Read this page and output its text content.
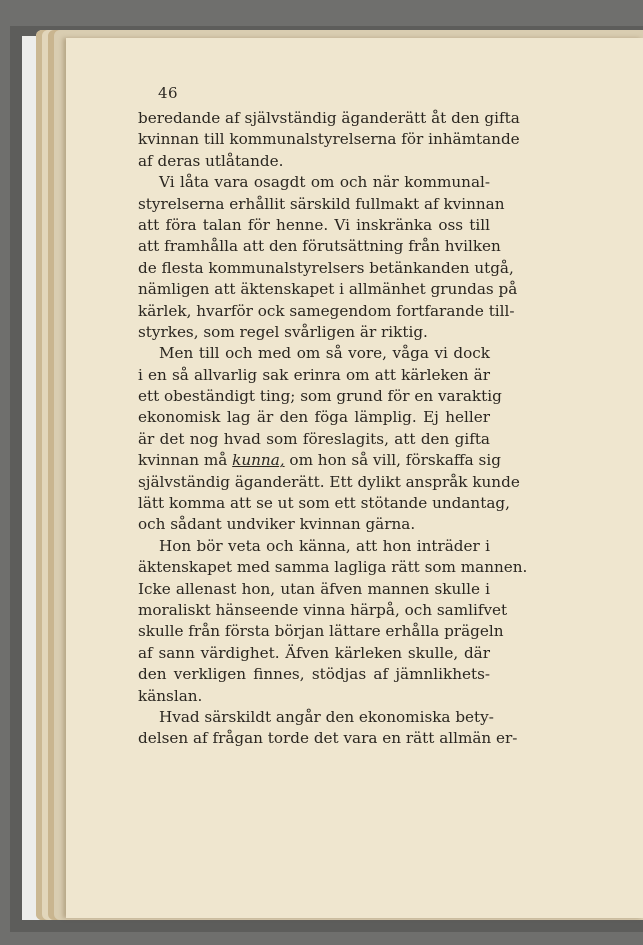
46
beredande af självständig äganderätt åt den gifta
kvinnan till kommunalstyrelserna för inhämtande
af deras utlåtande.
Vi låta vara osagdt om och när kommunal-
styrelserna erhållit särskild fullmakt af kvinnan
att föra talan för henne. Vi inskränka oss till
att framhålla att den förutsättning från hvilken
de flesta kommunalstyrelsers betänkanden utgå,
nämligen att äktenskapet i allmänhet grundas på
kärlek, hvarför ock samegendom fortfarande till-
styrkes, som regel svårligen är riktig.
Men till och med om så vore, våga vi dock
i en så allvarlig sak erinra om att kärleken är
ett obeständigt ting; som grund för en varaktig
ekonomisk lag är den föga lämplig. Ej heller
är det nog hvad som föreslagits, att den gifta
kvinnan må kunna, om hon så vill, förskaffa sig
självständig äganderätt. Ett dylikt anspråk kunde
lätt komma att se ut som ett stötande undantag,
och sådant undviker kvinnan gärna.
Hon bör veta och känna, att hon inträder i
äktenskapet med samma lagliga rätt som mannen.
Icke allenast hon, utan äfven mannen skulle i
moraliskt hänseende vinna härpå, och samlifvet
skulle från första början lättare erhålla prägeln
af sann värdighet. Äfven kärleken skulle, där
den verkligen finnes, stödjas af jämnlikhets-
känslan.
Hvad särskildt angår den ekonomiska bety-
delsen af frågan torde det vara en rätt allmän er-
